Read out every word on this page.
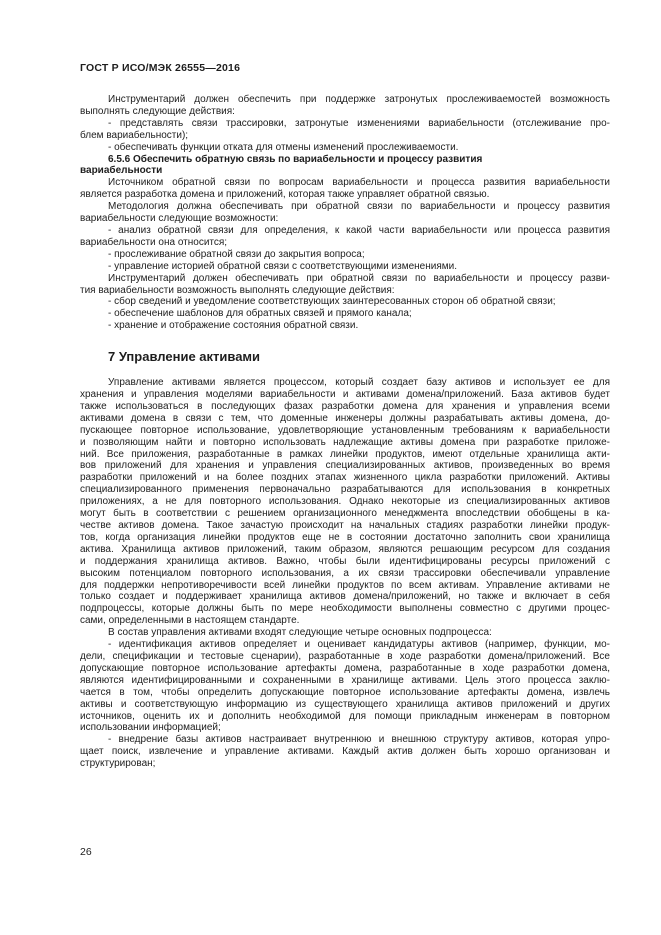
ГОСТ Р ИСО/МЭК 26555—2016
Инструментарий должен обеспечить при поддержке затронутых прослеживаемостей возможность
выполнять следующие действия:
- представлять связи трассировки, затронутые изменениями вариабельности (отслеживание про-
блем вариабельности);
- обеспечивать функции отката для отмены изменений прослеживаемости.
6.5.6 Обеспечить обратную связь по вариабельности и процессу развития
вариабельности
Источником обратной связи по вопросам вариабельности и процесса развития вариабельности
является разработка домена и приложений, которая также управляет обратной связью.
Методология должна обеспечивать при обратной связи по вариабельности и процессу развития
вариабельности следующие возможности:
- анализ обратной связи для определения, к какой части вариабельности или процесса развития
вариабельности она относится;
- прослеживание обратной связи до закрытия вопроса;
- управление историей обратной связи с соответствующими изменениями.
Инструментарий должен обеспечивать при обратной связи по вариабельности и процессу разви-
тия вариабельности возможность выполнять следующие действия:
- сбор сведений и уведомление соответствующих заинтересованных сторон об обратной связи;
- обеспечение шаблонов для обратных связей и прямого канала;
- хранение и отображение состояния обратной связи.
7 Управление активами
Управление активами является процессом, который создает базу активов и использует ее для
хранения и управления моделями вариабельности и активами домена/приложений. База активов будет
также использоваться в последующих фазах разработки домена для хранения и управления всеми
активами домена в связи с тем, что доменные инженеры должны разрабатывать активы домена, до-
пускающее повторное использование, удовлетворяющие установленным требованиям к вариабельности
и позволяющим найти и повторно использовать надлежащие активы домена при разработке приложе-
ний. Все приложения, разработанные в рамках линейки продуктов, имеют отдельные хранилища акти-
вов приложений для хранения и управления специализированных активов, произведенных во время
разработки приложений и на более поздних этапах жизненного цикла разработки приложений. Активы
специализированного применения первоначально разрабатываются для использования в конкретных
приложениях, а не для повторного использования. Однако некоторые из специализированных активов
могут быть в соответствии с решением организационного менеджмента впоследствии обобщены в ка-
честве активов домена. Такое зачастую происходит на начальных стадиях разработки линейки продук-
тов, когда организация линейки продуктов еще не в состоянии достаточно заполнить свои хранилища
актива. Хранилища активов приложений, таким образом, являются решающим ресурсом для создания
и поддержания хранилища активов. Важно, чтобы были идентифицированы ресурсы приложений с
высоким потенциалом повторного использования, а их связи трассировки обеспечивали управление
для поддержки непротиворечивости всей линейки продуктов по всем активам. Управление активами не
только создает и поддерживает хранилища активов домена/приложений, но также и включает в себя
подпроцессы, которые должны быть по мере необходимости выполнены совместно с другими процес-
сами, определенными в настоящем стандарте.
В состав управления активами входят следующие четыре основных подпроцесса:
- идентификация активов определяет и оценивает кандидатуры активов (например, функции, мо-
дели, спецификации и тестовые сценарии), разработанные в ходе разработки домена/приложений. Все
допускающие повторное использование артефакты домена, разработанные в ходе разработки домена,
являются идентифицированными и сохраненными в хранилище активами. Цель этого процесса заклю-
чается в том, чтобы определить допускающие повторное использование артефакты домена, извлечь
активы и соответствующую информацию из существующего хранилища активов приложений и других
источников, оценить их и дополнить необходимой для помощи прикладным инженерам в повторном
использовании информацией;
- внедрение базы активов настраивает внутреннюю и внешнюю структуру активов, которая упро-
щает поиск, извлечение и управление активами. Каждый актив должен быть хорошо организован и
структурирован;
26
